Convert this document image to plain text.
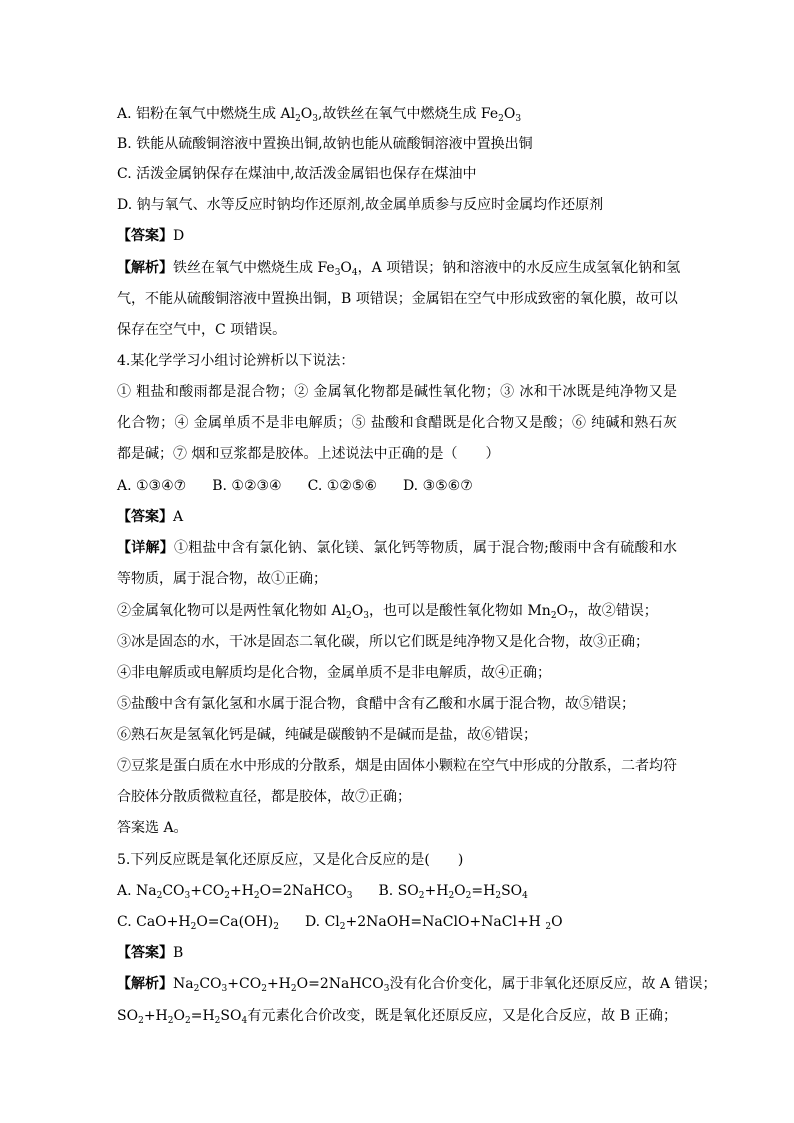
A. 铝粉在氧气中燃烧生成 $Al_2O_3$,故铁丝在氧气中燃烧生成 $Fe_2O_3$
B. 铁能从硫酸铜溶液中置换出铜,故钠也能从硫酸铜溶液中置换出铜
C. 活泼金属钠保存在煤油中,故活泼金属铝也保存在煤油中
D. 钠与氧气、水等反应时钠均作还原剂,故金属单质参与反应时金属均作还原剂
【答案】D
【解析】铁丝在氧气中燃烧生成 $Fe_3O_4$，A 项错误；钠和溶液中的水反应生成氢氧化钠和氢
气，不能从硫酸铜溶液中置换出铜，B 项错误；金属铝在空气中形成致密的氧化膜，故可以
保存在空气中，C 项错误。
4.某化学学习小组讨论辨析以下说法：
① 粗盐和酸雨都是混合物；② 金属氧化物都是碱性氧化物；③ 冰和干冰既是纯净物又是
化合物；④ 金属单质不是非电解质；⑤ 盐酸和食醋既是化合物又是酸；⑥ 纯碱和熟石灰
都是碱；⑦ 烟和豆浆都是胶体。上述说法中正确的是（　　）
A. ①③④⑦ B. ①②③④ C. ①②⑤⑥ D. ③⑤⑥⑦
【答案】A
【详解】①粗盐中含有氯化钠、氯化镁、氯化钙等物质，属于混合物;酸雨中含有硫酸和水
等物质，属于混合物，故①正确；
②金属氧化物可以是两性氧化物如 $Al_2O_3$，也可以是酸性氧化物如 $Mn_2O_7$，故②错误；
③冰是固态的水，干冰是固态二氧化碳，所以它们既是纯净物又是化合物，故③正确；
④非电解质或电解质均是化合物，金属单质不是非电解质，故④正确；
⑤盐酸中含有氯化氢和水属于混合物，食醋中含有乙酸和水属于混合物，故⑤错误；
⑥熟石灰是氢氧化钙是碱，纯碱是碳酸钠不是碱而是盐，故⑥错误；
⑦豆浆是蛋白质在水中形成的分散系，烟是由固体小颗粒在空气中形成的分散系，二者均符
合胶体分散质微粒直径，都是胶体，故⑦正确；
答案选 A。
5.下列反应既是氧化还原反应，又是化合反应的是(　　)
A. $Na_2CO_3+CO_2+H_2O=2NaHCO_3$ B. $SO_2+H_2O_2=H_2SO_4$
C. $CaO+H_2O=Ca(OH)_2$ D. $Cl_2+2NaOH=NaClO+NaCl+H$ $_2$O
【答案】B
【解析】$Na_2CO_3+CO_2+H_2O=2NaHCO_3$没有化合价变化，属于非氧化还原反应，故 A 错误；
$SO_2+H_2O_2=H_2SO_4$有元素化合价改变，既是氧化还原反应，又是化合反应，故 B 正确；
